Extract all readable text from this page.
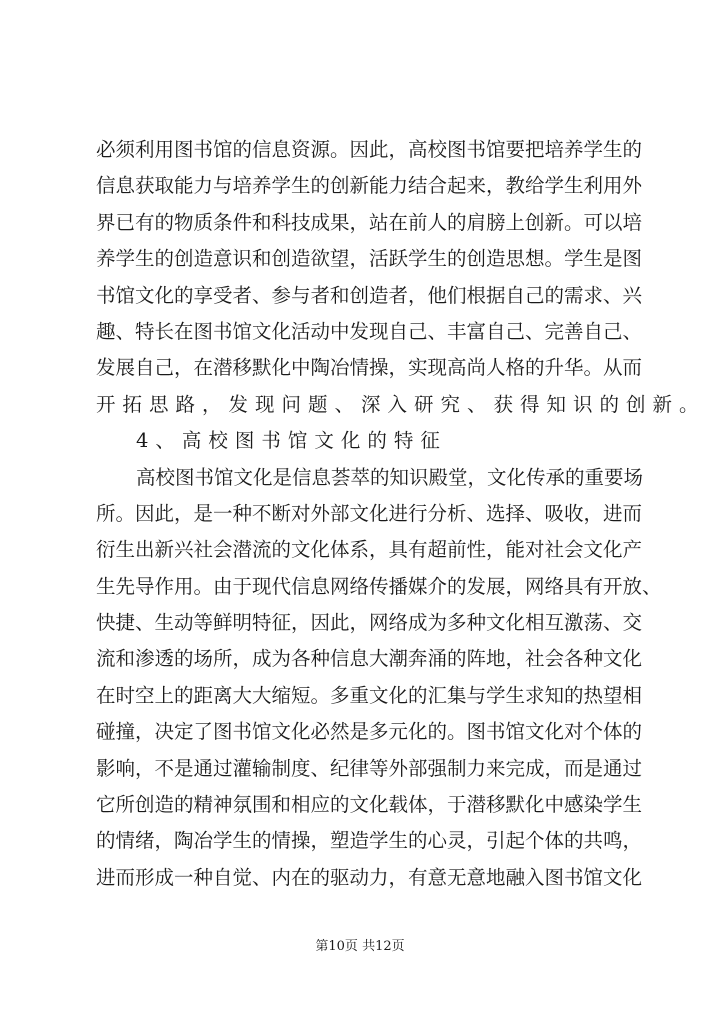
必须利用图书馆的信息资源。因此，高校图书馆要把培养学生的
信息获取能力与培养学生的创新能力结合起来，教给学生利用外
界已有的物质条件和科技成果，站在前人的肩膀上创新。可以培
养学生的创造意识和创造欲望，活跃学生的创造思想。学生是图
书馆文化的享受者、参与者和创造者，他们根据自己的需求、兴
趣、特长在图书馆文化活动中发现自己、丰富自己、完善自己、
发展自己，在潜移默化中陶冶情操，实现高尚人格的升华。从而
开拓思路，发现问题、深入研究、获得知识的创新。
4、高校图书馆文化的特征
高校图书馆文化是信息荟萃的知识殿堂，文化传承的重要场
所。因此，是一种不断对外部文化进行分析、选择、吸收，进而
衍生出新兴社会潜流的文化体系，具有超前性，能对社会文化产
生先导作用。由于现代信息网络传播媒介的发展，网络具有开放、
快捷、生动等鲜明特征，因此，网络成为多种文化相互激荡、交
流和渗透的场所，成为各种信息大潮奔涌的阵地，社会各种文化
在时空上的距离大大缩短。多重文化的汇集与学生求知的热望相
碰撞，决定了图书馆文化必然是多元化的。图书馆文化对个体的
影响，不是通过灌输制度、纪律等外部强制力来完成，而是通过
它所创造的精神氛围和相应的文化载体，于潜移默化中感染学生
的情绪，陶冶学生的情操，塑造学生的心灵，引起个体的共鸣，
进而形成一种自觉、内在的驱动力，有意无意地融入图书馆文化
第10页 共12页
